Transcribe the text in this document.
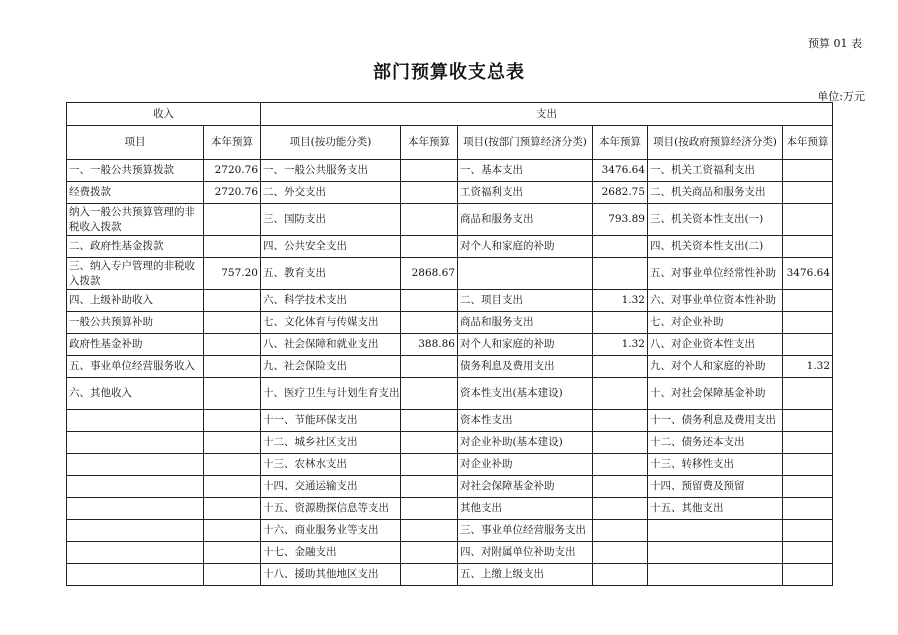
预算 01 表
部门预算收支总表
单位:万元
收入		支出					
项目	本年预算	项目(按功能分类)	本年预算	项目(按部门预算经济分类)	本年预算	项目(按政府预算经济分类)	本年预算
一、一般公共预算拨款	2720.76	一、一般公共服务支出		一、基本支出	3476.64	一、机关工资福利支出	
经费拨款	2720.76	二、外交支出		工资福利支出	2682.75	二、机关商品和服务支出	
纳入一般公共预算管理的非税收入拨款		三、国防支出		商品和服务支出	793.89	三、机关资本性支出(一)	
二、政府性基金拨款		四、公共安全支出		对个人和家庭的补助		四、机关资本性支出(二)	
三、纳入专户管理的非税收入拨款	757.20	五、教育支出	2868.67			五、对事业单位经常性补助	3476.64
四、上级补助收入		六、科学技术支出		二、项目支出	1.32	六、对事业单位资本性补助	
一般公共预算补助		七、文化体育与传媒支出		商品和服务支出		七、对企业补助	
政府性基金补助		八、社会保障和就业支出	388.86	对个人和家庭的补助	1.32	八、对企业资本性支出	
五、事业单位经营服务收入		九、社会保险支出		债务利息及费用支出		九、对个人和家庭的补助	1.32
六、其他收入		十、医疗卫生与计划生育支出		资本性支出(基本建设)		十、对社会保障基金补助	
		十一、节能环保支出		资本性支出		十一、债务利息及费用支出	
		十二、城乡社区支出		对企业补助(基本建设)		十二、债务还本支出	
		十三、农林水支出		对企业补助		十三、转移性支出	
		十四、交通运输支出		对社会保障基金补助		十四、预留费及预留	
		十五、资源勘探信息等支出		其他支出		十五、其他支出	
		十六、商业服务业等支出		三、事业单位经营服务支出			
		十七、金融支出		四、对附属单位补助支出			
		十八、援助其他地区支出		五、上缴上级支出			
